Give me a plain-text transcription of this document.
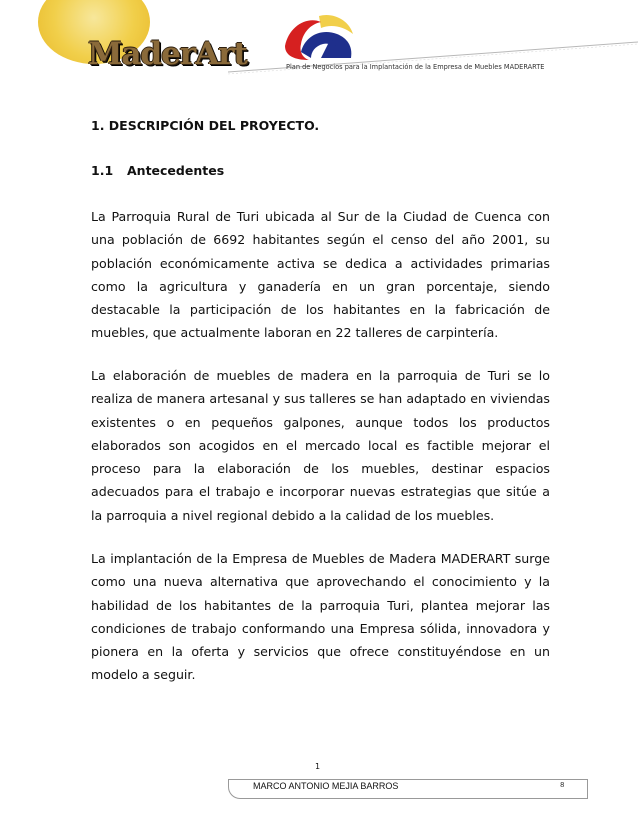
MaderArt	Plan de Negocios para la Implantación de la Empresa de Muebles MADERARTE
1. DESCRIPCIÓN DEL PROYECTO.
1.1 Antecedentes

La Parroquia Rural de Turi ubicada al Sur de la Ciudad de Cuenca con una población de 6692 habitantes según el censo del año 2001, su población económicamente activa se dedica a actividades primarias como la agricultura y ganadería en un gran porcentaje, siendo destacable la participación de los habitantes en la fabricación de muebles, que actualmente laboran en 22 talleres de carpintería.

La elaboración de muebles de madera en la parroquia de Turi se lo realiza de manera artesanal y sus talleres se han adaptado en viviendas existentes o en pequeños galpones, aunque todos los productos elaborados son acogidos en el mercado local es factible mejorar el proceso para la elaboración de los muebles, destinar espacios adecuados para el trabajo e incorporar nuevas estrategias que sitúe a la parroquia a nivel regional debido a la calidad de los muebles.

La implantación de la Empresa de Muebles de Madera MADERART surge como una nueva alternativa que aprovechando el conocimiento y la habilidad de los habitantes de la parroquia Turi, plantea mejorar las condiciones de trabajo conformando una Empresa sólida, innovadora y pionera en la oferta y servicios que ofrece constituyéndose en un modelo a seguir.

1
MARCO ANTONIO MEJIA BARROS	8
